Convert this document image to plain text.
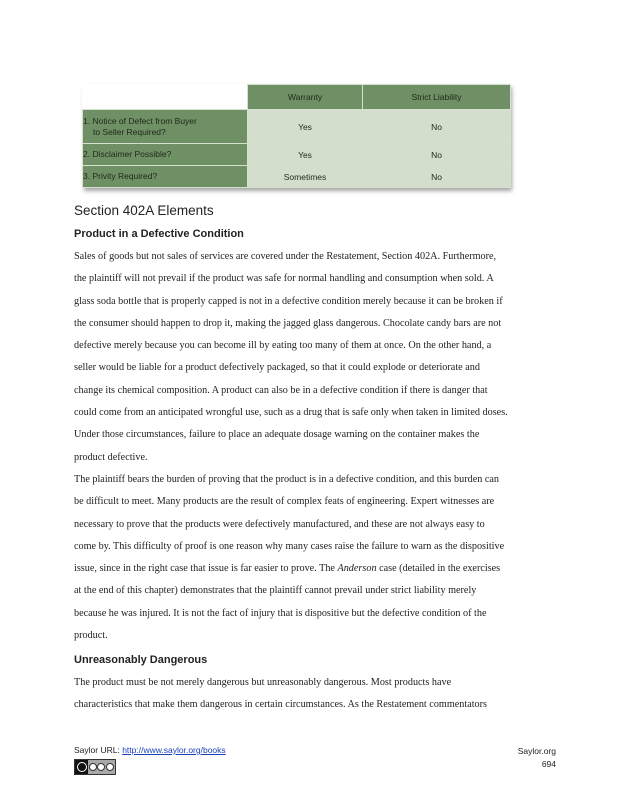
	Warranty	Strict Liability
1. Notice of Defect from Buyer
to Seller Required?	Yes	No
2. Disclaimer Possible?	Yes	No
3. Privity Required?	Sometimes	No
Section 402A Elements
Product in a Defective Condition
Sales of goods but not sales of services are covered under the Restatement, Section 402A. Furthermore,
the plaintiff will not prevail if the product was safe for normal handling and consumption when sold. A
glass soda bottle that is properly capped is not in a defective condition merely because it can be broken if
the consumer should happen to drop it, making the jagged glass dangerous. Chocolate candy bars are not
defective merely because you can become ill by eating too many of them at once. On the other hand, a
seller would be liable for a product defectively packaged, so that it could explode or deteriorate and
change its chemical composition. A product can also be in a defective condition if there is danger that
could come from an anticipated wrongful use, such as a drug that is safe only when taken in limited doses.
Under those circumstances, failure to place an adequate dosage warning on the container makes the
product defective.
The plaintiff bears the burden of proving that the product is in a defective condition, and this burden can
be difficult to meet. Many products are the result of complex feats of engineering. Expert witnesses are
necessary to prove that the products were defectively manufactured, and these are not always easy to
come by. This difficulty of proof is one reason why many cases raise the failure to warn as the dispositive
issue, since in the right case that issue is far easier to prove. The Anderson case (detailed in the exercises
at the end of this chapter) demonstrates that the plaintiff cannot prevail under strict liability merely
because he was injured. It is not the fact of injury that is dispositive but the defective condition of the
product.
Unreasonably Dangerous
The product must be not merely dangerous but unreasonably dangerous. Most products have
characteristics that make them dangerous in certain circumstances. As the Restatement commentators
Saylor URL: http://www.saylor.org/books	Saylor.org
694
